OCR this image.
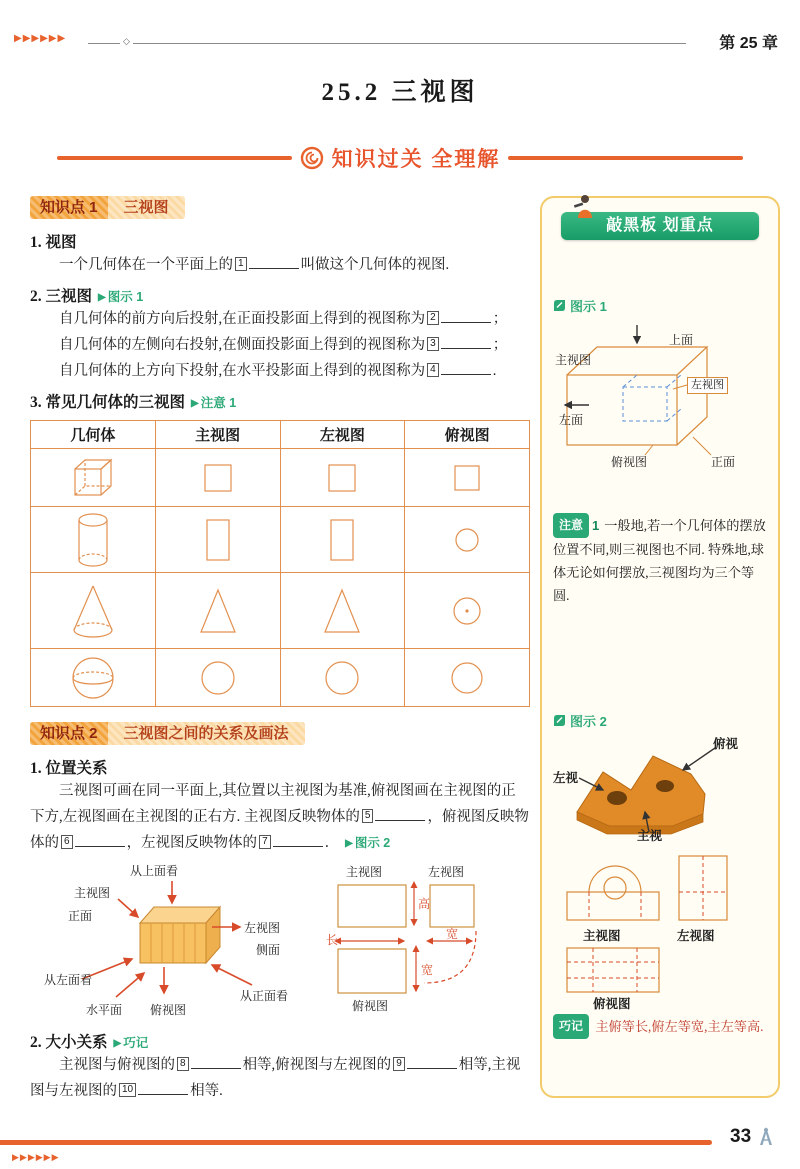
▶▶▶▶▶▶
◇
第 25 章
25.2 三视图
知识过关 全理解
知识点 1	三视图
1. 视图

一个几何体在一个平面上的 1	叫做这个几何体的视图.

2. 三视图 ▶ 图示 1

自几何体的前方向后投射,在正面投影面上得到的视图称为 2	；

自几何体的左侧向右投射,在侧面投影面上得到的视图称为 3	；

自几何体的上方向下投射,在水平投影面上得到的视图称为 4	.

3. 常见几何体的三视图 ▶ 注意 1
几何体	主视图	左视图	俯视图

知识点 2	三视图之间的关系及画法
1. 位置关系

三视图可画在同一平面上,其位置以主视图为基准,俯视图画在主视图的正下方,左视图画在主视图的正右方. 主视图反映物体的 5	，俯视图反映物体的 6	，左视图反映物体的 7	． ▶ 图示 2

从上面看
主视图
正面
左视图
侧面
从左面看
水平面 俯视图
从正面看
主视图	左视图
高
长	宽
宽
俯视图
2. 大小关系 ▶ 巧记

主视图与俯视图的 8	相等,俯视图与左视图的 9	相等,主视图与左视图的 10	相等.

敲黑板 划重点
图示 1
主视图
上面
左视图
左面
俯视图	正面

注意 1 一般地,若一个几何体的摆放位置不同,则三视图也不同. 特殊地,球体无论如何摆放,三视图均为三个等圆.

图示 2
俯视
左视
主视
主视图	左视图
俯视图

巧记 主俯等长,俯左等宽,主左等高.

33
▶▶▶▶▶▶
